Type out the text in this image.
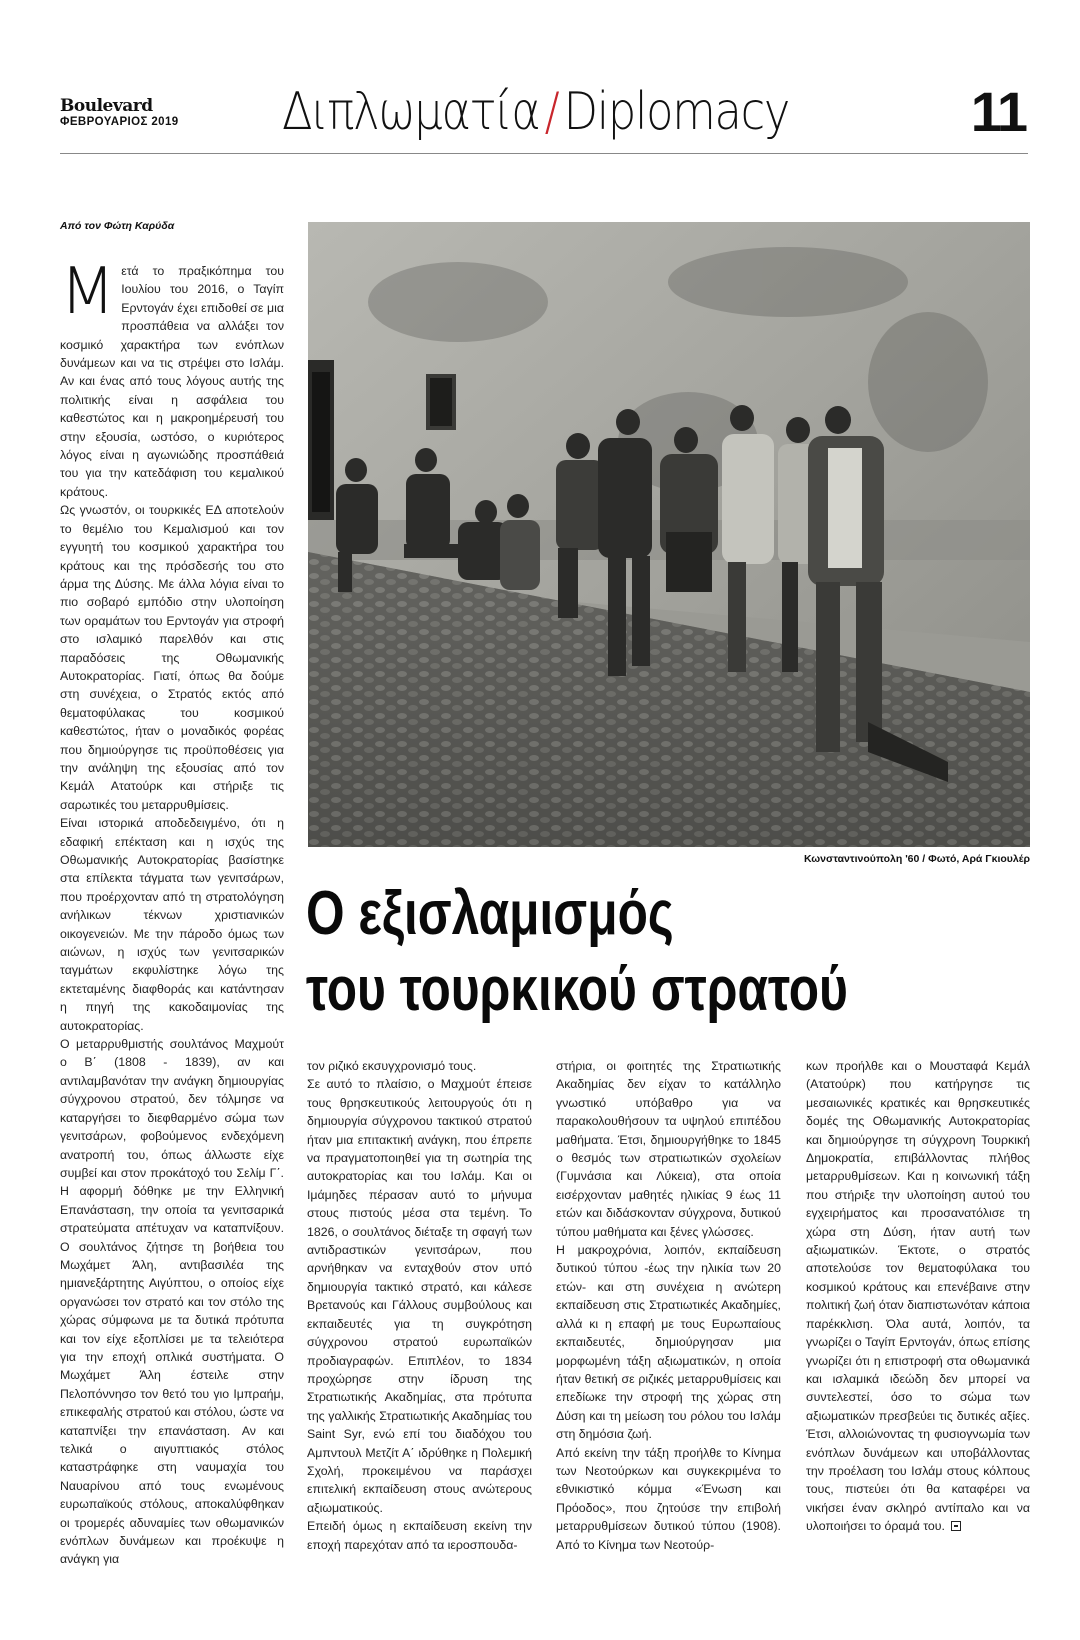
Boulevard
ΦΕΒΡΟΥΑΡΙΟΣ 2019 Διπλωματία/Diplomacy	11
Από τον Φώτη Καρύδα

Μετά το πραξικόπημα του Ιουλίου του 2016, ο Ταγίπ Ερντογάν έχει επιδοθεί σε μια προσπάθεια να αλλάξει τον κοσμικό χαρακτήρα των ενόπλων δυνάμεων και να τις στρέψει στο Ισλάμ. Αν και ένας από τους λόγους αυτής της πολιτικής είναι η ασφάλεια του καθεστώτος και η μακροημέρευσή του στην εξουσία, ωστόσο, ο κυριότερος λόγος είναι η αγωνιώδης προσπάθειά του για την κατεδάφιση του κεμαλικού κράτους.

Ως γνωστόν, οι τουρκικές ΕΔ αποτελούν το θεμέλιο του Κεμαλισμού και τον εγγυητή του κοσμικού χαρακτήρα του κράτους και της πρόσδεσής του στο άρμα της Δύσης. Με άλλα λόγια είναι το πιο σοβαρό εμπόδιο στην υλοποίηση των οραμάτων του Ερντογάν για στροφή στο ισλαμικό παρελθόν και στις παραδόσεις της Οθωμανικής Αυτοκρατορίας. Γιατί, όπως θα δούμε στη συνέχεια, ο Στρατός εκτός από θεματοφύλακας του κοσμικού καθεστώτος, ήταν ο μοναδικός φορέας που δημιούργησε τις προϋποθέσεις για την ανάληψη της εξουσίας από τον Κεμάλ Ατατούρκ και στήριξε τις σαρωτικές του μεταρρυθμίσεις.

Είναι ιστορικά αποδεδειγμένο, ότι η εδαφική επέκταση και η ισχύς της Οθωμανικής Αυτοκρατορίας βασίστηκε στα επίλεκτα τάγματα των γενιτσάρων, που προέρχονταν από τη στρατολόγηση ανήλικων τέκνων χριστιανικών οικογενειών. Με την πάροδο όμως των αιώνων, η ισχύς των γενιτσαρικών ταγμάτων εκφυλίστηκε λόγω της εκτεταμένης διαφθοράς και κατάντησαν η πηγή της κακοδαιμονίας της αυτοκρατορίας.

Ο μεταρρυθμιστής σουλτάνος Μαχμούτ ο Β΄ (1808 - 1839), αν και αντιλαμβανόταν την ανάγκη δημιουργίας σύγχρονου στρατού, δεν τόλμησε να καταργήσει το διεφθαρμένο σώμα των γενιτσάρων, φοβούμενος ενδεχόμενη ανατροπή του, όπως άλλωστε είχε συμβεί και στον προκάτοχό του Σελίμ Γ΄. Η αφορμή δόθηκε με την Ελληνική Επανάσταση, την οποία τα γενιτσαρικά στρατεύματα απέτυχαν να καταπνίξουν. Ο σουλτάνος ζήτησε τη βοήθεια του Μωχάμετ Άλη, αντιβασιλέα της ημιανεξάρτητης Αιγύπτου, ο οποίος είχε οργανώσει τον στρατό και τον στόλο της χώρας σύμφωνα με τα δυτικά πρότυπα και τον είχε εξοπλίσει με τα τελειότερα για την εποχή οπλικά συστήματα. Ο Μωχάμετ Άλη έστειλε στην Πελοπόννησο τον θετό του γιο Ιμπραήμ, επικεφαλής στρατού και στόλου, ώστε να καταπνίξει την επανάσταση. Αν και τελικά ο αιγυπτιακός στόλος καταστράφηκε στη ναυμαχία του Ναυαρίνου από τους ενωμένους ευρωπαϊκούς στόλους, αποκαλύφθηκαν οι τρομερές αδυναμίες των οθωμανικών ενόπλων δυνάμεων και προέκυψε η ανάγκη για

Κωνσταντινούπολη '60 / Φωτό, Αρά Γκιουλέρ
Ο εξισλαμισμός
του τουρκικού στρατού

τον ριζικό εκσυγχρονισμό τους.

Σε αυτό το πλαίσιο, ο Μαχμούτ έπεισε τους θρησκευτικούς λειτουργούς ότι η δημιουργία σύγχρονου τακτικού στρατού ήταν μια επιτακτική ανάγκη, που έπρεπε να πραγματοποιηθεί για τη σωτηρία της αυτοκρατορίας και του Ισλάμ. Και οι Ιμάμηδες πέρασαν αυτό το μήνυμα στους πιστούς μέσα στα τεμένη. Το 1826, ο σουλτάνος διέταξε τη σφαγή των αντιδραστικών γενιτσάρων, που αρνήθηκαν να ενταχθούν στον υπό δημιουργία τακτικό στρατό, και κάλεσε Βρετανούς και Γάλλους συμβούλους και εκπαιδευτές για τη συγκρότηση σύγχρονου στρατού ευρωπαϊκών προδιαγραφών. Επιπλέον, το 1834 προχώρησε στην ίδρυση της Στρατιωτικής Ακαδημίας, στα πρότυπα της γαλλικής Στρατιωτικής Ακαδημίας του Saint Syr, ενώ επί του διαδόχου του Αμπντουλ Μετζίτ Α΄ ιδρύθηκε η Πολεμική Σχολή, προκειμένου να παράσχει επιτελική εκπαίδευση στους ανώτερους αξιωματικούς.

Επειδή όμως η εκπαίδευση εκείνη την εποχή παρεχόταν από τα ιεροσπουδα-

στήρια, οι φοιτητές της Στρατιωτικής Ακαδημίας δεν είχαν το κατάλληλο γνωστικό υπόβαθρο για να παρακολουθήσουν τα υψηλού επιπέδου μαθήματα. Έτσι, δημιουργήθηκε το 1845 ο θεσμός των στρατιωτικών σχολείων (Γυμνάσια και Λύκεια), στα οποία εισέρχονταν μαθητές ηλικίας 9 έως 11 ετών και διδάσκονταν σύγχρονα, δυτικού τύπου μαθήματα και ξένες γλώσσες.

Η μακροχρόνια, λοιπόν, εκπαίδευση δυτικού τύπου -έως την ηλικία των 20 ετών- και στη συνέχεια η ανώτερη εκπαίδευση στις Στρατιωτικές Ακαδημίες, αλλά κι η επαφή με τους Ευρωπαίους εκπαιδευτές, δημιούργησαν μια μορφωμένη τάξη αξιωματικών, η οποία ήταν θετική σε ριζικές μεταρρυθμίσεις και επεδίωκε την στροφή της χώρας στη Δύση και τη μείωση του ρόλου του Ισλάμ στη δημόσια ζωή.

Από εκείνη την τάξη προήλθε το Κίνημα των Νεοτούρκων και συγκεκριμένα το εθνικιστικό κόμμα «Ένωση και Πρόοδος», που ζητούσε την επιβολή μεταρρυθμίσεων δυτικού τύπου (1908). Από το Κίνημα των Νεοτούρ-

κων προήλθε και ο Μουσταφά Κεμάλ (Ατατούρκ) που κατήργησε τις μεσαιωνικές κρατικές και θρησκευτικές δομές της Οθωμανικής Αυτοκρατορίας και δημιούργησε τη σύγχρονη Τουρκική Δημοκρατία, επιβάλλοντας πλήθος μεταρρυθμίσεων. Και η κοινωνική τάξη που στήριξε την υλοποίηση αυτού του εγχειρήματος και προσανατόλισε τη χώρα στη Δύση, ήταν αυτή των αξιωματικών. Έκτοτε, ο στρατός αποτελούσε τον θεματοφύλακα του κοσμικού κράτους και επενέβαινε στην πολιτική ζωή όταν διαπιστωνόταν κάποια παρέκκλιση. Όλα αυτά, λοιπόν, τα γνωρίζει ο Ταγίπ Ερντογάν, όπως επίσης γνωρίζει ότι η επιστροφή στα οθωμανικά και ισλαμικά ιδεώδη δεν μπορεί να συντελεστεί, όσο το σώμα των αξιωματικών πρεσβεύει τις δυτικές αξίες. Έτσι, αλλοιώνοντας τη φυσιογνωμία των ενόπλων δυνάμεων και υποβάλλοντας την προέλαση του Ισλάμ στους κόλπους τους, πιστεύει ότι θα καταφέρει να νικήσει έναν σκληρό αντίπαλο και να υλοποιήσει το όραμά του.
